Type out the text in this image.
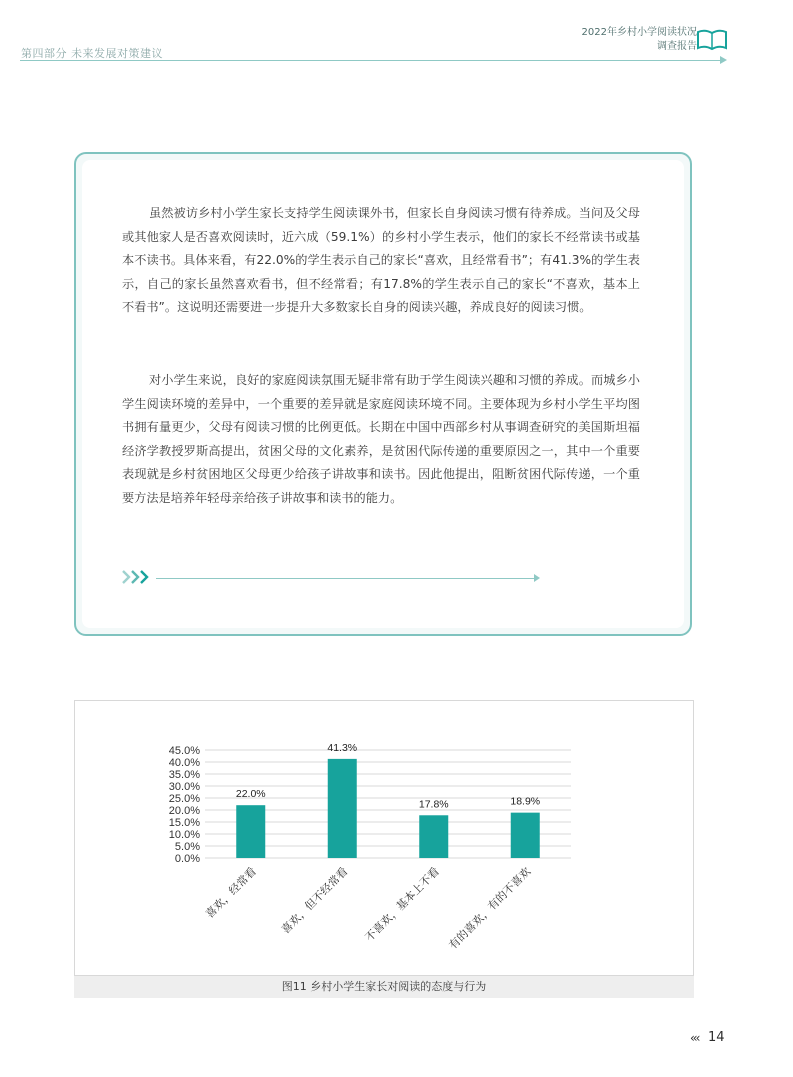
第四部分 未来发展对策建议
2022年乡村小学阅读状况
调查报告

虽然被访乡村小学生家长支持学生阅读课外书，但家长自身阅读习惯有待养成。当问及父母或其他家人是否喜欢阅读时，近六成（59.1%）的乡村小学生表示，他们的家长不经常读书或基本不读书。具体来看，有22.0%的学生表示自己的家长“喜欢，且经常看书”；有41.3%的学生表示，自己的家长虽然喜欢看书，但不经常看；有17.8%的学生表示自己的家长“不喜欢，基本上不看书”。这说明还需要进一步提升大多数家长自身的阅读兴趣，养成良好的阅读习惯。

对小学生来说，良好的家庭阅读氛围无疑非常有助于学生阅读兴趣和习惯的养成。而城乡小学生阅读环境的差异中，一个重要的差异就是家庭阅读环境不同。主要体现为乡村小学生平均图书拥有量更少，父母有阅读习惯的比例更低。长期在中国中西部乡村从事调查研究的美国斯坦福经济学教授罗斯高提出，贫困父母的文化素养，是贫困代际传递的重要原因之一，其中一个重要表现就是乡村贫困地区父母更少给孩子讲故事和读书。因此他提出，阻断贫困代际传递，一个重要方法是培养年轻母亲给孩子讲故事和读书的能力。

0.0%
5.0%
10.0%
15.0%
20.0%
25.0%
30.0%
35.0%
40.0%
45.0%
22.0%
喜欢，经常看
41.3%
喜欢，但不经常看
17.8%
不喜欢，基本上不看
18.9%
有的喜欢，有的不喜欢
图11 乡村小学生家长对阅读的态度与行为
‹‹‹ 14
